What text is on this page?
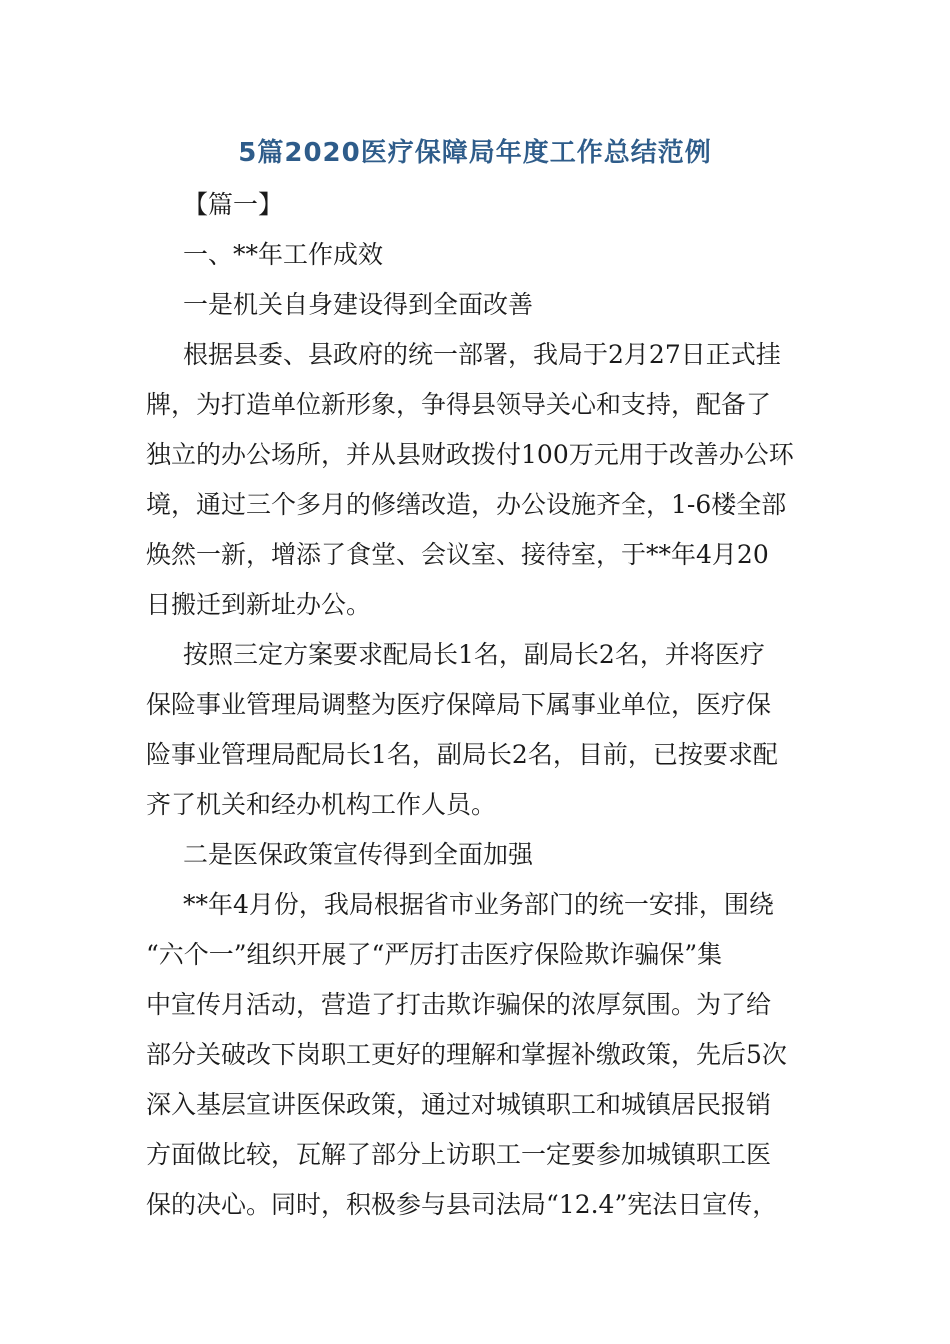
5篇2020医疗保障局年度工作总结范例

【篇一】

一、**年工作成效

一是机关自身建设得到全面改善

根据县委、县政府的统一部署，我局于2月27日正式挂
牌，为打造单位新形象，争得县领导关心和支持，配备了
独立的办公场所，并从县财政拨付100万元用于改善办公环
境，通过三个多月的修缮改造，办公设施齐全，1-6楼全部
焕然一新，增添了食堂、会议室、接待室，于**年4月20
日搬迁到新址办公。
按照三定方案要求配局长1名，副局长2名，并将医疗
保险事业管理局调整为医疗保障局下属事业单位，医疗保
险事业管理局配局长1名，副局长2名，目前，已按要求配
齐了机关和经办机构工作人员。

二是医保政策宣传得到全面加强

**年4月份，我局根据省市业务部门的统一安排，围绕
“六个一”组织开展了“严厉打击医疗保险欺诈骗保”集
中宣传月活动，营造了打击欺诈骗保的浓厚氛围。为了给
部分关破改下岗职工更好的理解和掌握补缴政策，先后5次
深入基层宣讲医保政策，通过对城镇职工和城镇居民报销
方面做比较，瓦解了部分上访职工一定要参加城镇职工医
保的决心。同时，积极参与县司法局“12.4”宪法日宣传，
